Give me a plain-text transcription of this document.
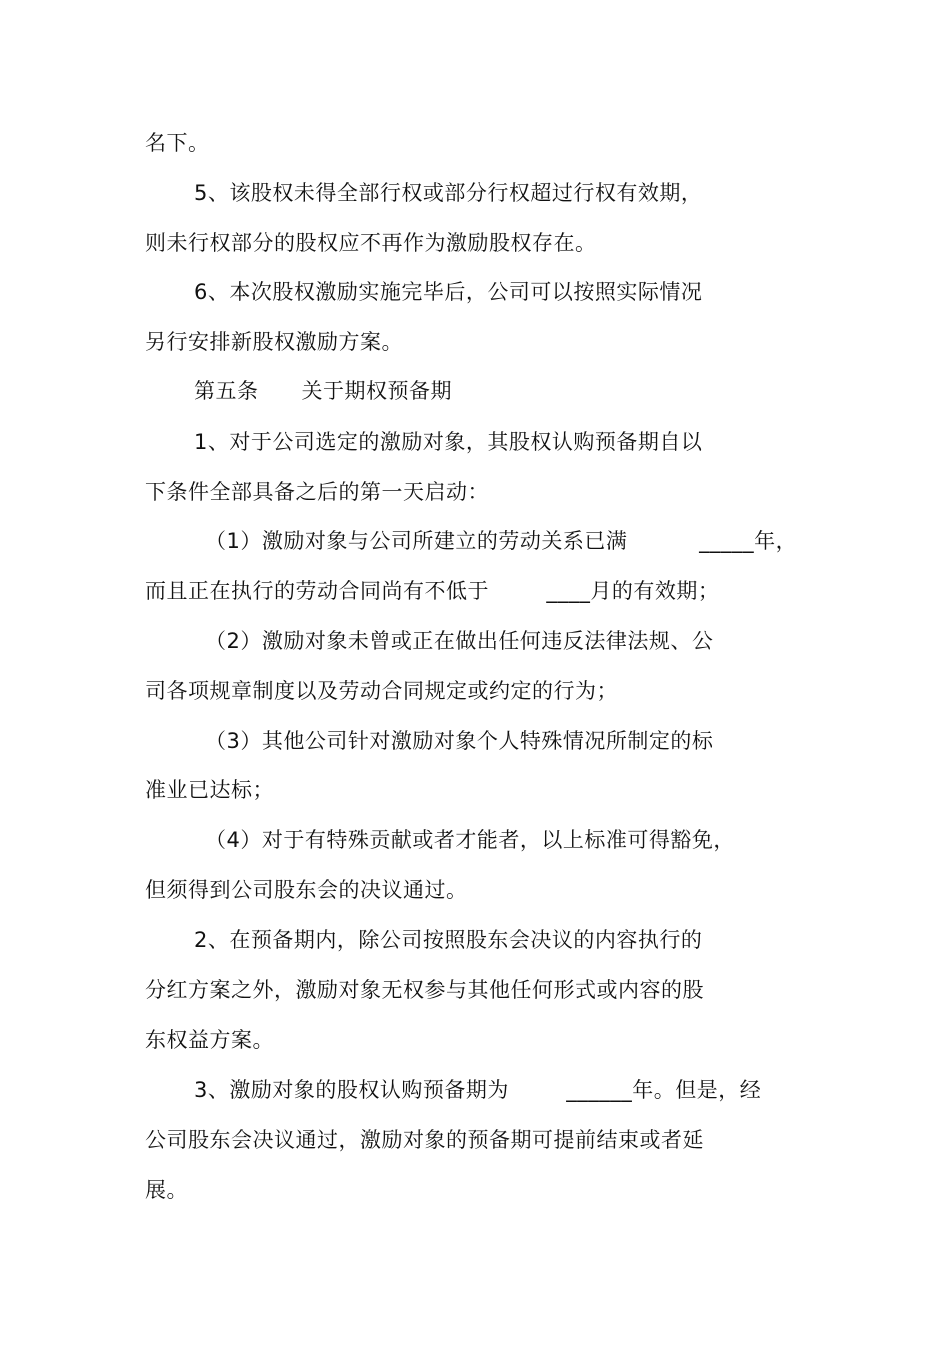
名下。
5、该股权未得全部行权或部分行权超过行权有效期，
则未行权部分的股权应不再作为激励股权存在。
6、本次股权激励实施完毕后，公司可以按照实际情况
另行安排新股权激励方案。
第五条      关于期权预备期
1、对于公司选定的激励对象，其股权认购预备期自以
下条件全部具备之后的第一天启动：
（1）激励对象与公司所建立的劳动关系已满          _____年，
而且正在执行的劳动合同尚有不低于        ____月的有效期；
（2）激励对象未曾或正在做出任何违反法律法规、公
司各项规章制度以及劳动合同规定或约定的行为；
（3）其他公司针对激励对象个人特殊情况所制定的标
准业已达标；
（4）对于有特殊贡献或者才能者，以上标准可得豁免，
但须得到公司股东会的决议通过。
2、在预备期内，除公司按照股东会决议的内容执行的
分红方案之外，激励对象无权参与其他任何形式或内容的股
东权益方案。
3、激励对象的股权认购预备期为        ______年。但是，经
公司股东会决议通过，激励对象的预备期可提前结束或者延
展。
